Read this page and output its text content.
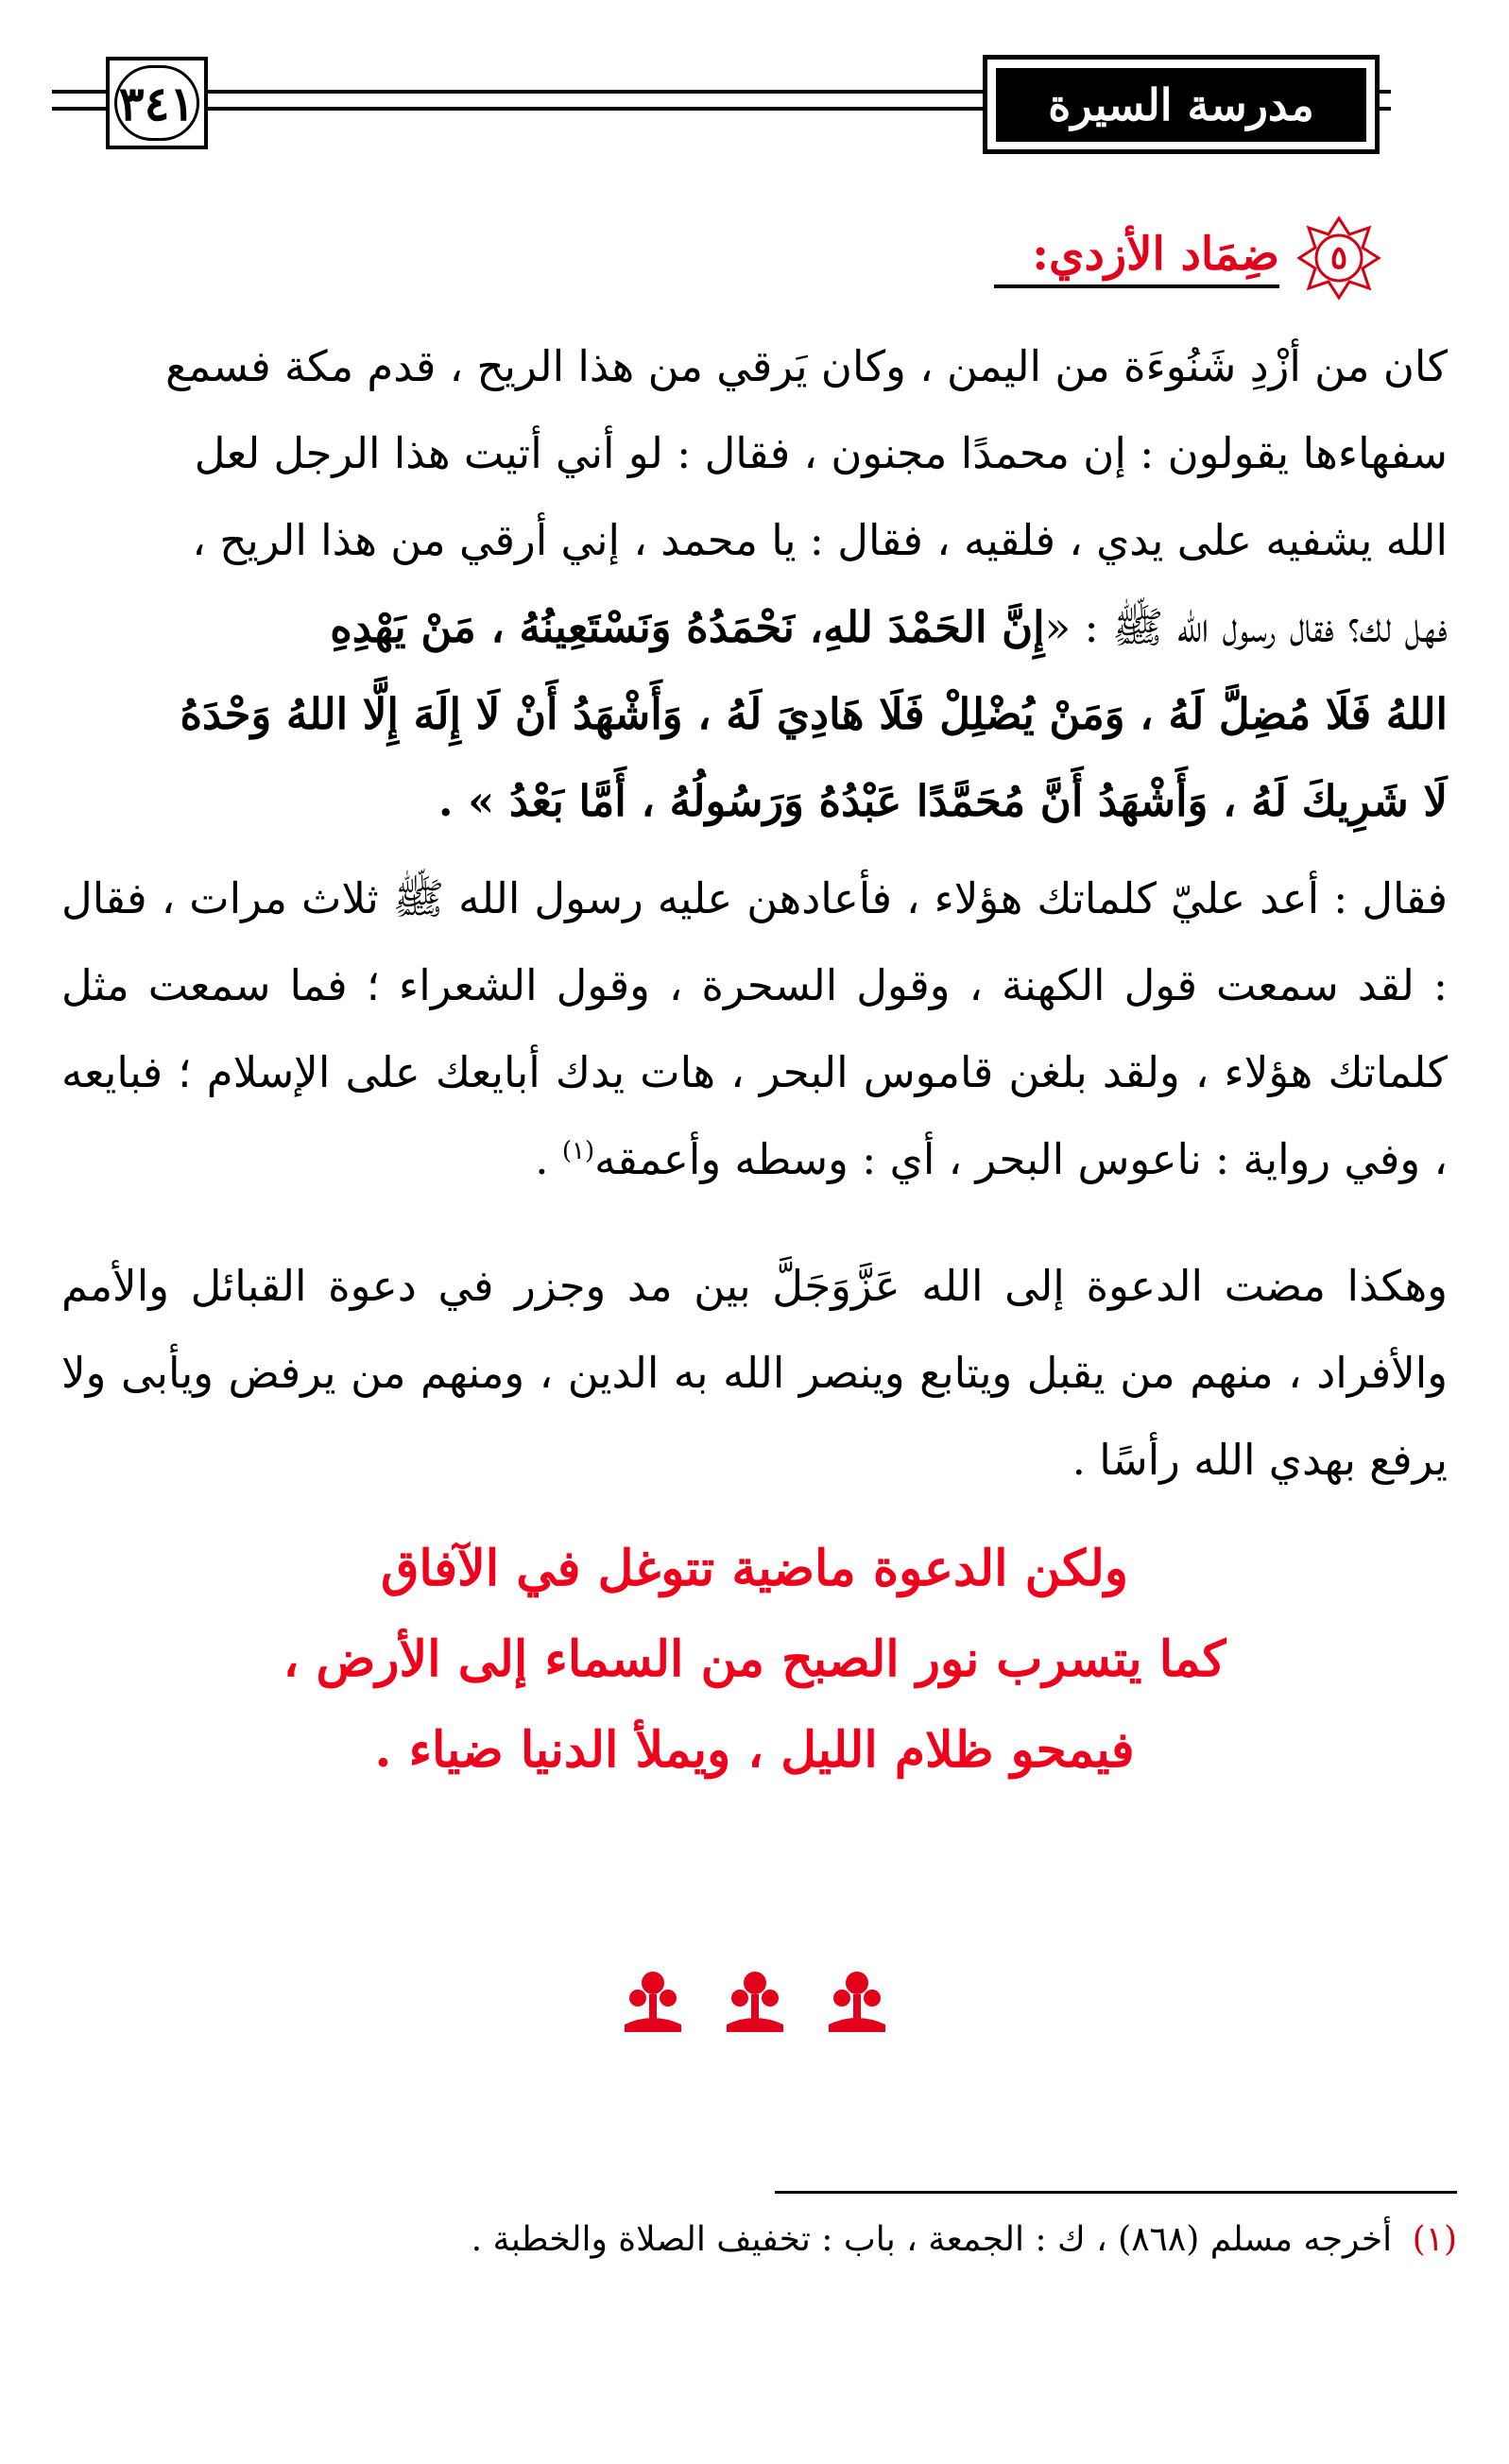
٣٤١	مدرسة السيرة
٥
ضِمَاد الأزدي:
كان من أزْدِ شَنُوءَة من اليمن ، وكان يَرقي من هذا الريح ، قدم مكة فسمع
سفهاءها يقولون : إن محمدًا مجنون ، فقال : لو أني أتيت هذا الرجل لعل
الله يشفيه على يدي ، فلقيه ، فقال : يا محمد ، إني أرقي من هذا الريح ،
فهل لك؟ فقال رسول الله ﷺ : «إِنَّ الحَمْدَ للهِ، نَحْمَدُهُ وَنَسْتَعِينُهُ ، مَنْ يَهْدِهِ
اللهُ فَلَا مُضِلَّ لَهُ ، وَمَنْ يُضْلِلْ فَلَا هَادِيَ لَهُ ، وَأَشْهَدُ أَنْ لَا إِلَهَ إِلَّا اللهُ وَحْدَهُ
لَا شَرِيكَ لَهُ ، وَأَشْهَدُ أَنَّ مُحَمَّدًا عَبْدُهُ وَرَسُولُهُ ، أَمَّا بَعْدُ » .

فقال : أعد عليّ كلماتك هؤلاء ، فأعادهن عليه رسول الله ﷺ ثلاث مرات ، فقال : لقد سمعت قول الكهنة ، وقول السحرة ، وقول الشعراء ؛ فما سمعت مثل كلماتك هؤلاء ، ولقد بلغن قاموس البحر ، هات يدك أبايعك على الإسلام ؛ فبايعه ، وفي رواية : ناعوس البحر ، أي : وسطه وأعمقه$^{(١)}$ .

وهكذا مضت الدعوة إلى الله عَزَّوَجَلَّ بين مد وجزر في دعوة القبائل والأمم والأفراد ، منهم من يقبل ويتابع وينصر الله به الدين ، ومنهم من يرفض ويأبى ولا يرفع بهدي الله رأسًا .

ولكن الدعوة ماضية تتوغل في الآفاق
كما يتسرب نور الصبح من السماء إلى الأرض ،
فيمحو ظلام الليل ، ويملأ الدنيا ضياء .
(١) أخرجه مسلم (٨٦٨) ، ك : الجمعة ، باب : تخفيف الصلاة والخطبة .
